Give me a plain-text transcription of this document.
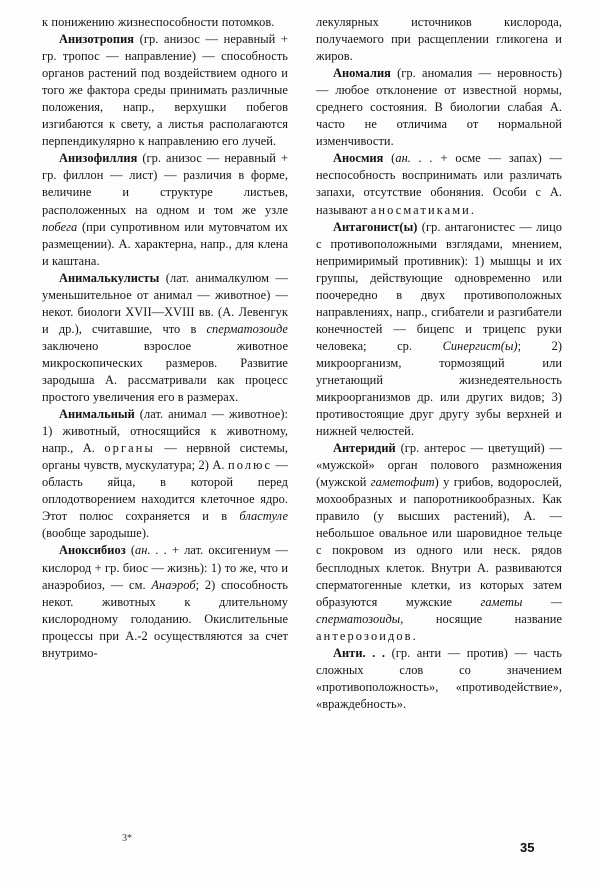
к понижению жизнеспособности потомков.

Анизотропия (гр. анизос — неравный + гр. тропос — направление) — способность органов растений под воздействием одного и того же фактора среды принимать различные положения, напр., верхушки побегов изгибаются к свету, а листья располагаются перпендикулярно к направлению его лучей.

Анизофиллия (гр. анизос — неравный + гр. филлон — лист) — различия в форме, величине и структуре листьев, расположенных на одном и том же узле побега (при супротивном или мутовчатом их размещении). А. характерна, напр., для клена и каштана.

Анималькулисты (лат. анималкулюм — уменьшительное от анимал — животное) — некот. биологи XVII—XVIII вв. (А. Левенгук и др.), считавшие, что в сперматозоиде заключено взрослое животное микроскопических размеров. Развитие зародыша А. рассматривали как процесс простого увеличения его в размерах.

Анимальный (лат. анимал — животное): 1) животный, относящийся к животному, напр., А. органы — нервной системы, органы чувств, мускулатура; 2) А. полюс — область яйца, в которой перед оплодотворением находится клеточное ядро. Этот полюс сохраняется и в бластуле (вообще зародыше).

Аноксибиоз (ан. . . + лат. оксигениум — кислород + гр. биос — жизнь): 1) то же, что и анаэробиоз, — см. Анаэроб; 2) способность некот. животных к длительному кислородному голоданию. Окислительные процессы при А.-2 осуществляются за счет внутримо-

лекулярных источников кислорода, получаемого при расщеплении гликогена и жиров.

Аномалия (гр. аномалия — неровность) — любое отклонение от известной нормы, среднего состояния. В биологии слабая А. часто не отличима от нормальной изменчивости.

Аносмия (ан. . . + осме — запах) — неспособность воспринимать или различать запахи, отсутствие обоняния. Особи с А. называют аносматиками.

Антагонист(ы) (гр. антагонистес — лицо с противоположными взглядами, мнением, непримиримый противник): 1) мышцы и их группы, действующие одновременно или поочередно в двух противоположных направлениях, напр., сгибатели и разгибатели конечностей — бицепс и трицепс руки человека; ср. Синергист(ы); 2) микроорганизм, тормозящий или угнетающий жизнедеятельность микроорганизмов др. или других видов; 3) противостоящие друг другу зубы верхней и нижней челюстей.

Антеридий (гр. антерос — цветущий) — «мужской» орган полового размножения (мужской гаметофит) у грибов, водорослей, мохообразных и папоротникообразных. Как правило (у высших растений), А. — небольшое овальное или шаровидное тельце с покровом из одного или неск. рядов бесплодных клеток. Внутри А. развиваются сперматогенные клетки, из которых затем образуются мужские гаметы — сперматозоиды, носящие название антерозоидов.

Анти. . . (гр. анти — против) — часть сложных слов со значением «противоположность», «противодействие», «враждебность».

3*
35
